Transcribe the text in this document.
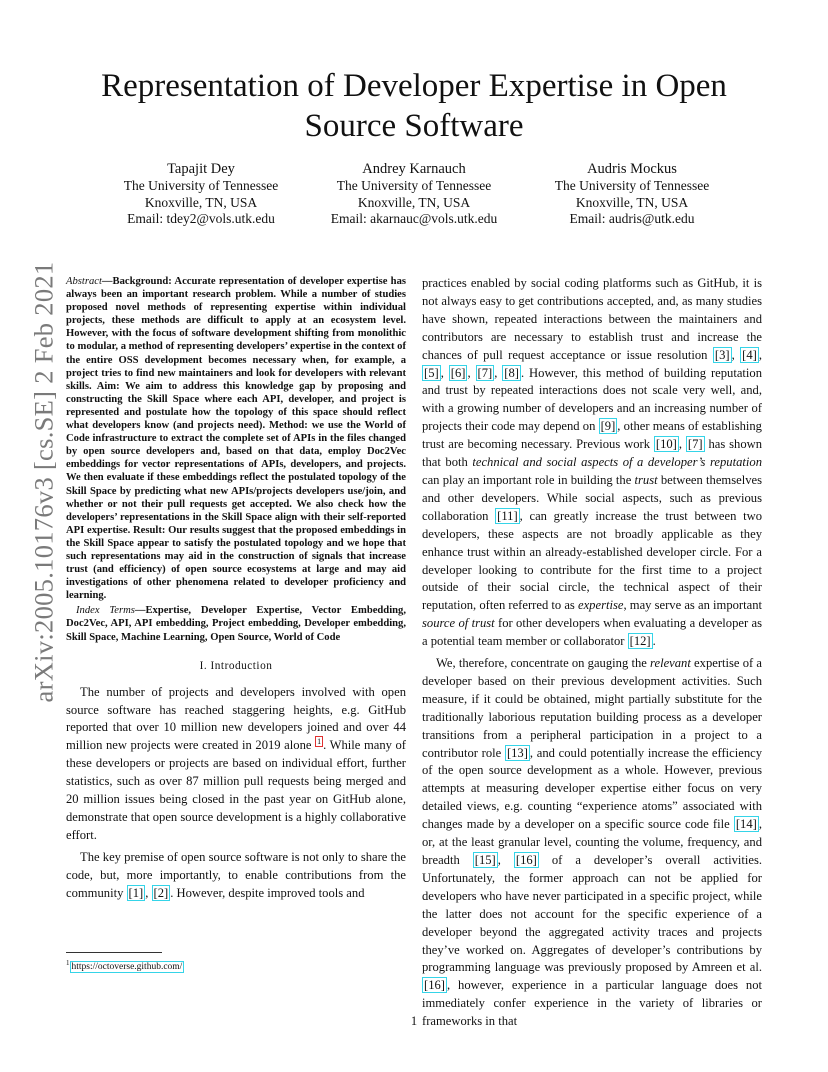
Representation of Developer Expertise in Open Source Software
Tapajit Dey
The University of Tennessee
Knoxville, TN, USA
Email: tdey2@vols.utk.edu
Andrey Karnauch
The University of Tennessee
Knoxville, TN, USA
Email: akarnauc@vols.utk.edu
Audris Mockus
The University of Tennessee
Knoxville, TN, USA
Email: audris@utk.edu
arXiv:2005.10176v3 [cs.SE] 2 Feb 2021 Abstract—Background: Accurate representation of developer expertise has always been an important research problem. While a number of studies proposed novel methods of representing expertise within individual projects, these methods are difficult to apply at an ecosystem level. However, with the focus of software development shifting from monolithic to modular, a method of representing developers’ expertise in the context of the entire OSS development becomes necessary when, for example, a project tries to find new maintainers and look for developers with relevant skills. Aim: We aim to address this knowledge gap by proposing and constructing the Skill Space where each API, developer, and project is represented and postulate how the topology of this space should reflect what developers know (and projects need). Method: we use the World of Code infrastructure to extract the complete set of APIs in the files changed by open source developers and, based on that data, employ Doc2Vec embeddings for vector representations of APIs, developers, and projects. We then evaluate if these embeddings reflect the postulated topology of the Skill Space by predicting what new APIs/projects developers use/join, and whether or not their pull requests get accepted. We also check how the developers’ representations in the Skill Space align with their self-reported API expertise. Result: Our results suggest that the proposed embeddings in the Skill Space appear to satisfy the postulated topology and we hope that such representations may aid in the construction of signals that increase trust (and efficiency) of open source ecosystems at large and may aid investigations of other phenomena related to developer proficiency and learning.

Index Terms—Expertise, Developer Expertise, Vector Embedding, Doc2Vec, API, API embedding, Project embedding, Developer embedding, Skill Space, Machine Learning, Open Source, World of Code

I. Introduction

The number of projects and developers involved with open source software has reached staggering heights, e.g. GitHub reported that over 10 million new developers joined and over 44 million new projects were created in 2019 alone $^1$ . While many of these developers or projects are based on individual effort, further statistics, such as over 87 million pull requests being merged and 20 million issues being closed in the past year on GitHub alone, demonstrate that open source development is a highly collaborative effort.

The key premise of open source software is not only to share the code, but, more importantly, to enable contributions from the community [1] , [2] . However, despite improved tools and

$^1$ https://octoverse.github.com/

practices enabled by social coding platforms such as GitHub, it is not always easy to get contributions accepted, and, as many studies have shown, repeated interactions between the maintainers and contributors are necessary to establish trust and increase the chances of pull request acceptance or issue resolution [3] , [4] , [5] , [6] , [7] , [8] . However, this method of building reputation and trust by repeated interactions does not scale very well, and, with a growing number of developers and an increasing number of projects their code may depend on [9] , other means of establishing trust are becoming necessary. Previous work [10] , [7] has shown that both technical and social aspects of a developer’s reputation can play an important role in building the trust between themselves and other developers. While social aspects, such as previous collaboration [11] , can greatly increase the trust between two developers, these aspects are not broadly applicable as they enhance trust within an already-established developer circle. For a developer looking to contribute for the first time to a project outside of their social circle, the technical aspect of their reputation, often referred to as expertise, may serve as an important source of trust for other developers when evaluating a developer as a potential team member or collaborator [12] .

We, therefore, concentrate on gauging the relevant expertise of a developer based on their previous development activities. Such measure, if it could be obtained, might partially substitute for the traditionally laborious reputation building process as a developer transitions from a peripheral participation in a project to a contributor role [13] , and could potentially increase the efficiency of the open source development as a whole. However, previous attempts at measuring developer expertise either focus on very detailed views, e.g. counting “experience atoms” associated with changes made by a developer on a specific source code file [14] , or, at the least granular level, counting the volume, frequency, and breadth [15] , [16] of a developer’s overall activities. Unfortunately, the former approach can not be applied for developers who have never participated in a specific project, while the latter does not account for the specific experience of a developer beyond the aggregated activity traces and projects they’ve worked on. Aggregates of developer’s contributions by programming language was previously proposed by Amreen et al. [16] , however, experience in a particular language does not immediately confer experience in the variety of libraries or frameworks in that

1
